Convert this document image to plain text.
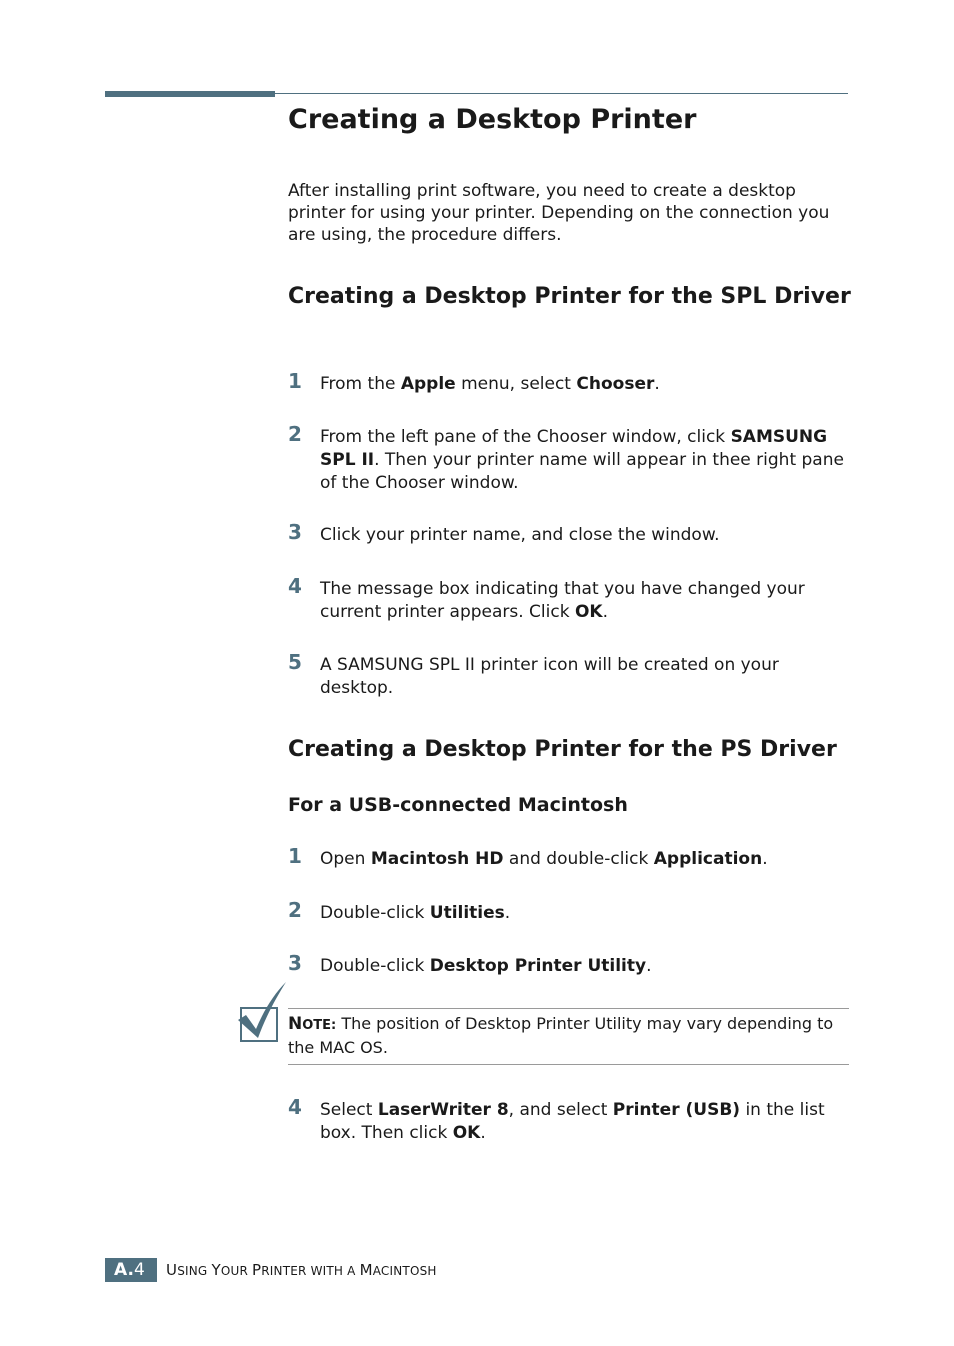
Creating a Desktop Printer

After installing print software, you need to create a desktop printer for using your printer. Depending on the connection you are using, the procedure differs.

Creating a Desktop Printer for the SPL Driver
1 From the Apple menu, select Chooser.
2 From the left pane of the Chooser window, click SAMSUNG SPL II. Then your printer name will appear in thee right pane of the Chooser window.
3 Click your printer name, and close the window.
4 The message box indicating that you have changed your current printer appears. Click OK.
5 A SAMSUNG SPL II printer icon will be created on your desktop.
Creating a Desktop Printer for the PS Driver
For a USB-connected Macintosh
1 Open Macintosh HD and double-click Application.
2 Double-click Utilities.
3 Double-click Desktop Printer Utility.
4 Select LaserWriter 8, and select Printer (USB) in the list box. Then click OK.
NOTE: The position of Desktop Printer Utility may vary depending to the MAC OS.
A.4	USING YOUR PRINTER WITH A MACINTOSH
